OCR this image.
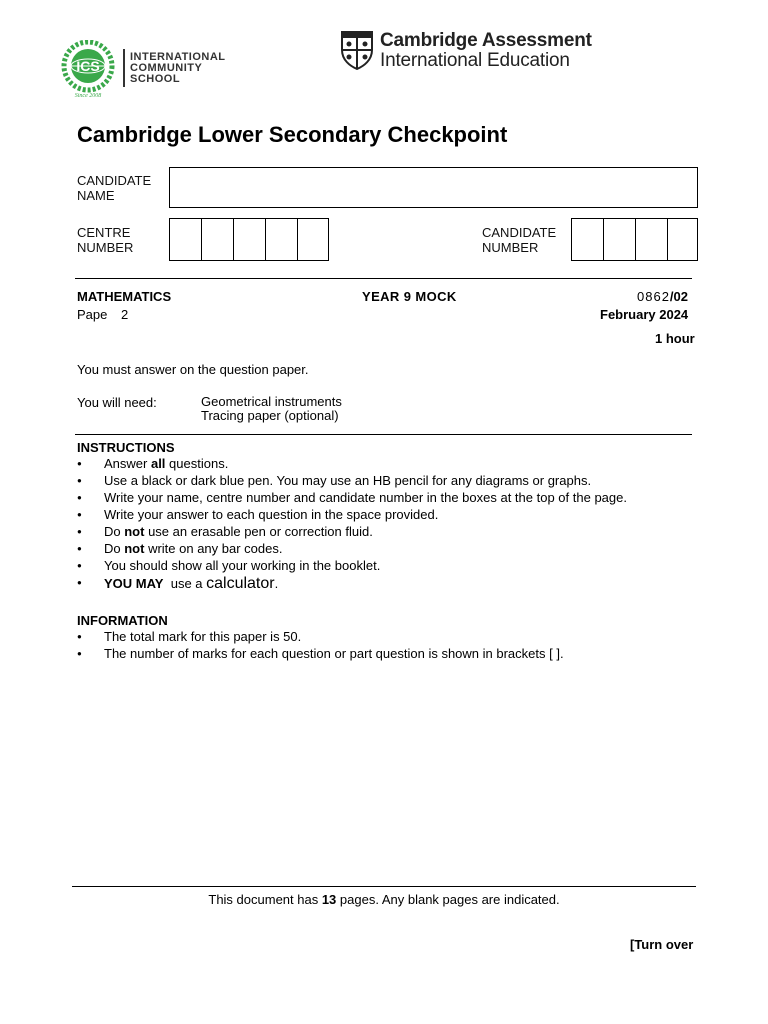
ICS
Since 2008
INTERNATIONAL
COMMUNITY
SCHOOL
Cambridge Assessment
International Education
Cambridge Lower Secondary Checkpoint
CANDIDATE
NAME
CENTRE
NUMBER
CANDIDATE
NUMBER
MATHEMATICS	YEAR 9 MOCK	0862/02
Pape 2	February 2024
1 hour
You must answer on the question paper.
You will need:	Geometrical instruments
Tracing paper (optional)
INSTRUCTIONS
● Answer all questions.
● Use a black or dark blue pen. You may use an HB pencil for any diagrams or graphs.
● Write your name, centre number and candidate number in the boxes at the top of the page.
● Write your answer to each question in the space provided.
● Do not use an erasable pen or correction fluid.
● Do not write on any bar codes.
● You should show all your working in the booklet.
● YOU MAY  use a calculator.
INFORMATION
● The total mark for this paper is 50.
● The number of marks for each question or part question is shown in brackets [ ].
This document has 13 pages. Any blank pages are indicated.
[Turn over
